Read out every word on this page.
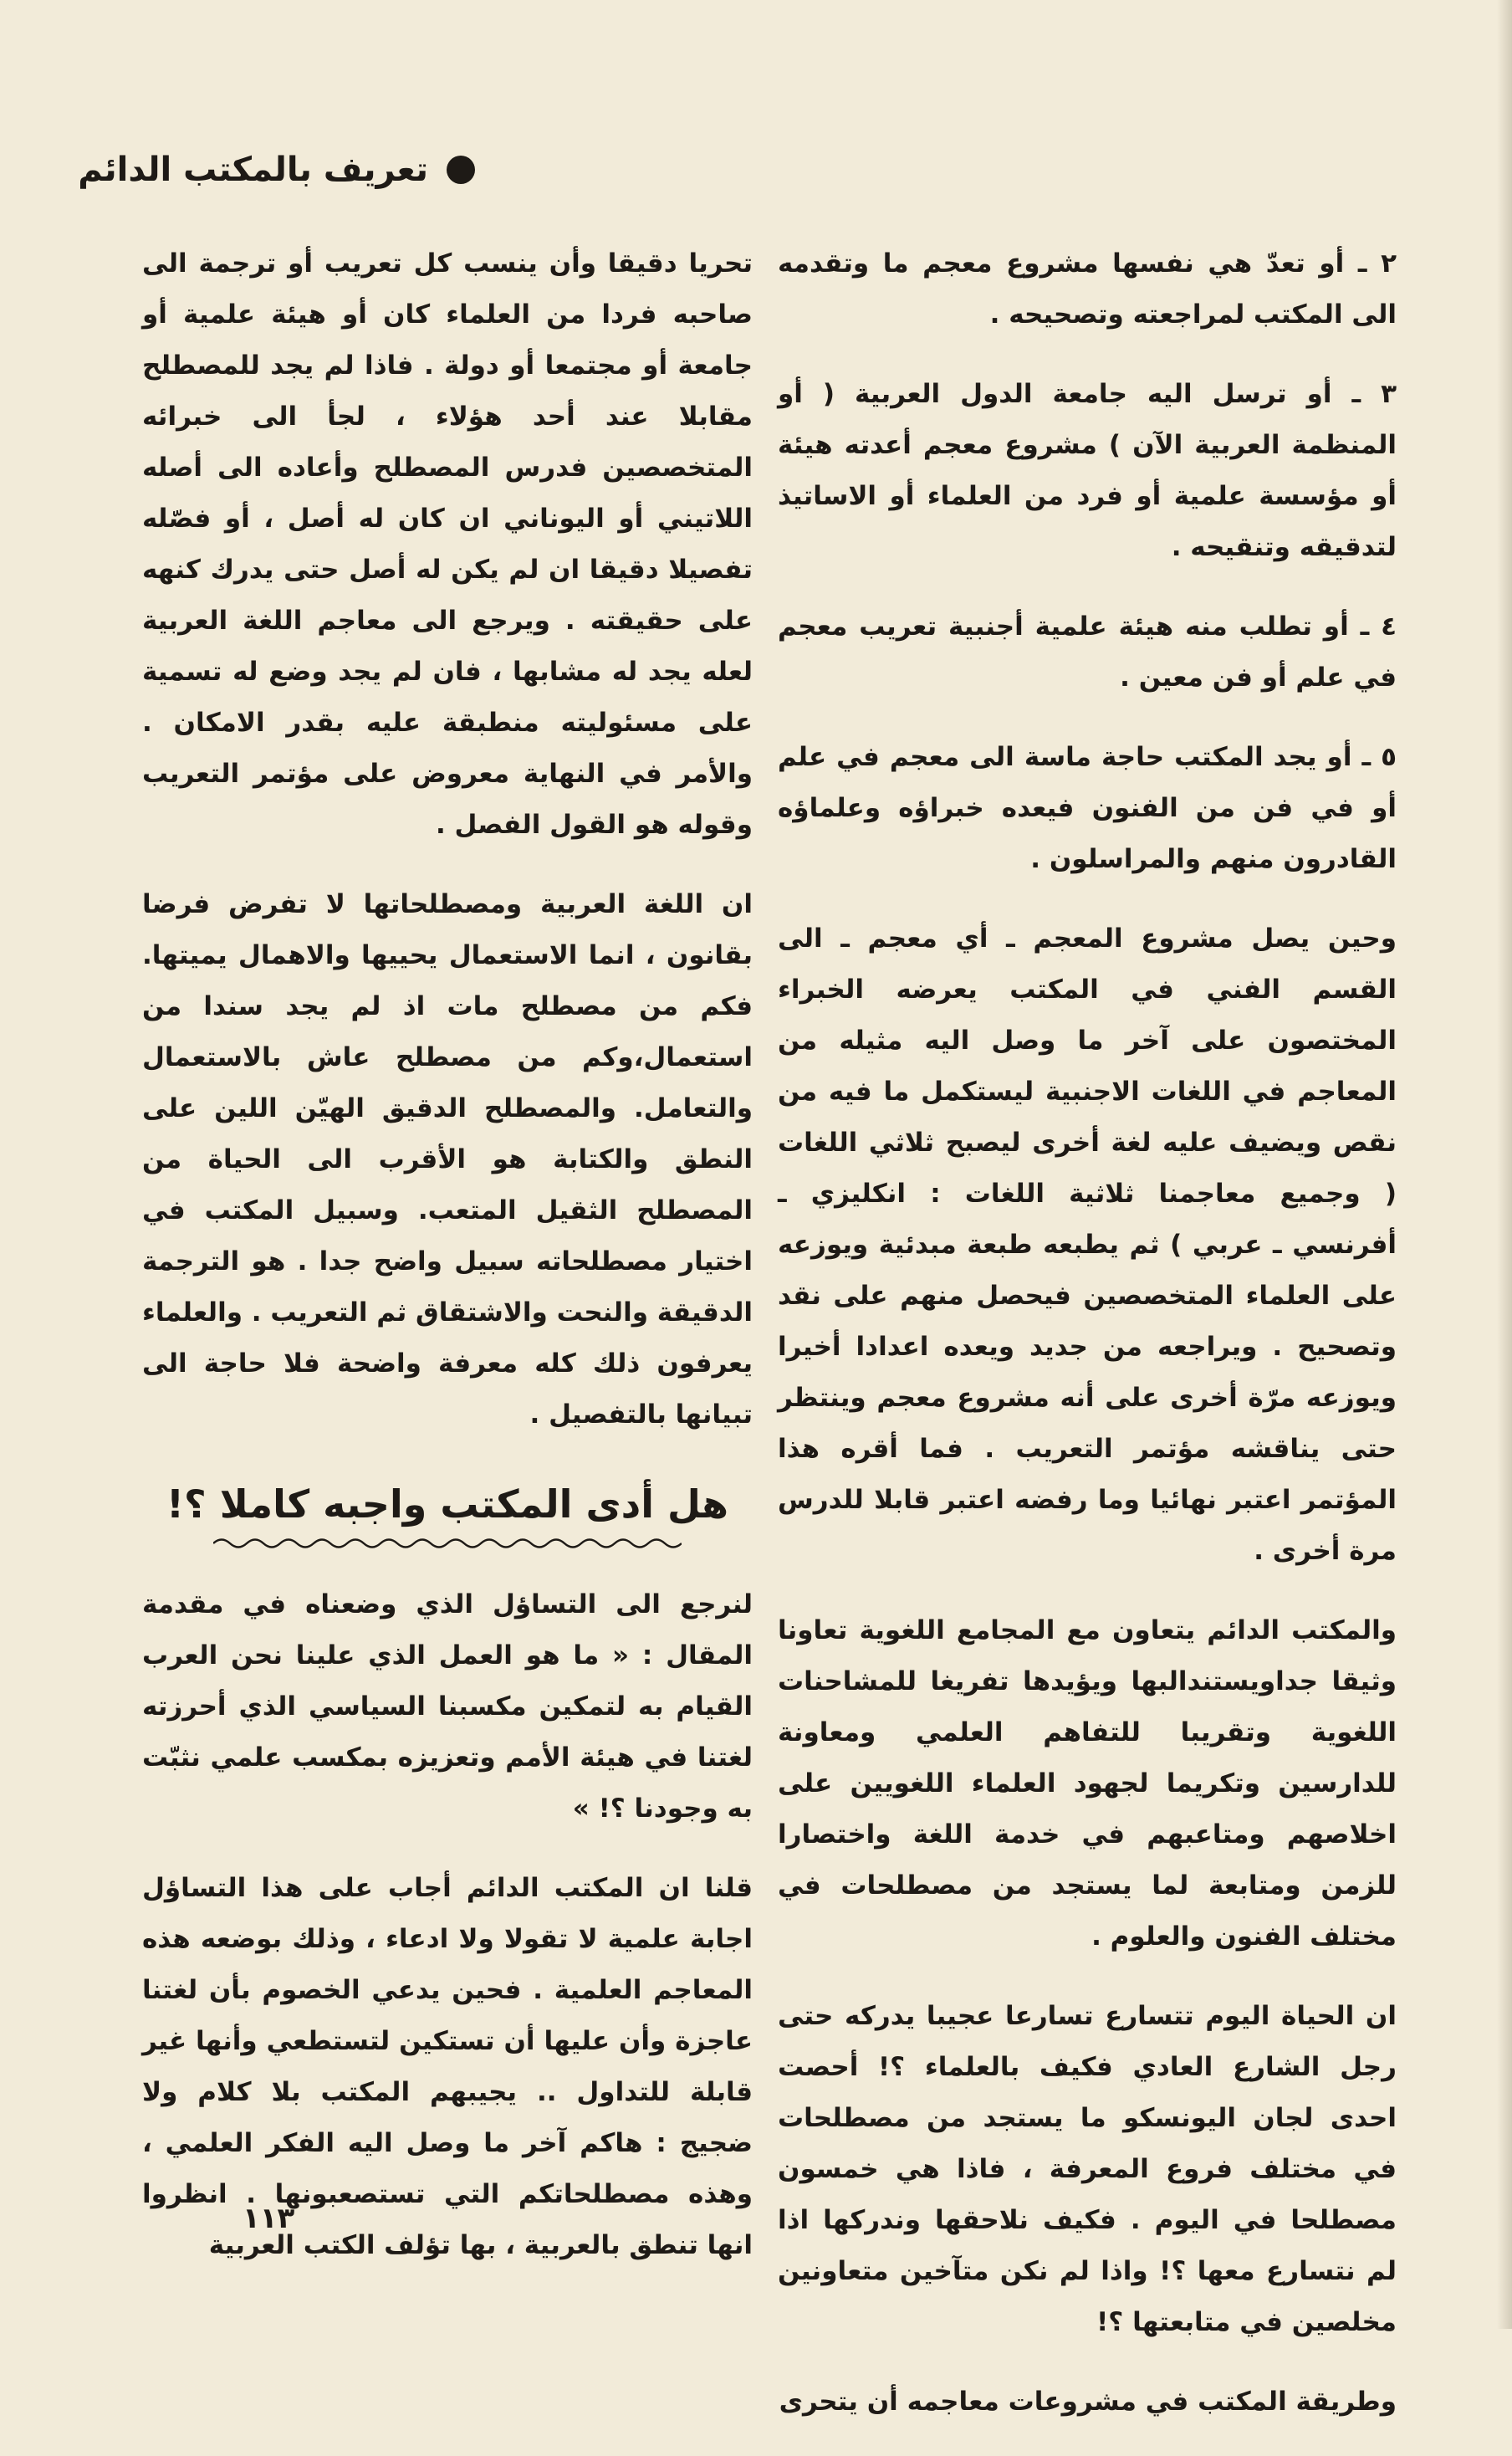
تعريف بالمكتب الدائم

٢ ـ أو تعدّ هي نفسها مشروع معجم ما وتقدمه الى المكتب لمراجعته وتصحيحه .

٣ ـ أو ترسل اليه جامعة الدول العربية ( أو المنظمة العربية الآن ) مشروع معجم أعدته هيئة أو مؤسسة علمية أو فرد من العلماء أو الاساتيذ لتدقيقه وتنقيحه .

٤ ـ أو تطلب منه هيئة علمية أجنبية تعريب معجم في علم أو فن معين .

٥ ـ أو يجد المكتب حاجة ماسة الى معجم في علم أو في فن من الفنون فيعده خبراؤه وعلماؤه القادرون منهم والمراسلون .

وحين يصل مشروع المعجم ـ أي معجم ـ الى القسم الفني في المكتب يعرضه الخبراء المختصون على آخر ما وصل اليه مثيله من المعاجم في اللغات الاجنبية ليستكمل ما فيه من نقص ويضيف عليه لغة أخرى ليصبح ثلاثي اللغات ( وجميع معاجمنا ثلاثية اللغات : انكليزي ـ أفرنسي ـ عربي ) ثم يطبعه طبعة مبدئية ويوزعه على العلماء المتخصصين فيحصل منهم على نقد وتصحيح . ويراجعه من جديد ويعده اعدادا أخيرا ويوزعه مرّة أخرى على أنه مشروع معجم وينتظر حتى يناقشه مؤتمر التعريب . فما أقره هذا المؤتمر اعتبر نهائيا وما رفضه اعتبر قابلا للدرس مرة أخرى .

والمكتب الدائم يتعاون مع المجامع اللغوية تعاونا وثيقا جداويستندالبها ويؤيدها تفريغا للمشاحنات اللغوية وتقريبا للتفاهم العلمي ومعاونة للدارسين وتكريما لجهود العلماء اللغويين على اخلاصهم ومتاعبهم في خدمة اللغة واختصارا للزمن ومتابعة لما يستجد من مصطلحات في مختلف الفنون والعلوم .

ان الحياة اليوم تتسارع تسارعا عجيبا يدركه حتى رجل الشارع العادي فكيف بالعلماء ؟! أحصت احدى لجان اليونسكو ما يستجد من مصطلحات في مختلف فروع المعرفة ، فاذا هي خمسون مصطلحا في اليوم . فكيف نلاحقها وندركها اذا لم نتسارع معها ؟! واذا لم نكن متآخين متعاونين مخلصين في متابعتها ؟!

وطريقة المكتب في مشروعات معاجمه أن يتحرى

تحريا دقيقا وأن ينسب كل تعريب أو ترجمة الى صاحبه فردا من العلماء كان أو هيئة علمية أو جامعة أو مجتمعا أو دولة . فاذا لم يجد للمصطلح مقابلا عند أحد هؤلاء ، لجأ الى خبرائه المتخصصين فدرس المصطلح وأعاده الى أصله اللاتيني أو اليوناني ان كان له أصل ، أو فصّله تفصيلا دقيقا ان لم يكن له أصل حتى يدرك كنهه على حقيقته . ويرجع الى معاجم اللغة العربية لعله يجد له مشابها ، فان لم يجد وضع له تسمية على مسئوليته منطبقة عليه بقدر الامكان . والأمر في النهاية معروض على مؤتمر التعريب وقوله هو القول الفصل .

ان اللغة العربية ومصطلحاتها لا تفرض فرضا بقانون ، انما الاستعمال يحييها والاهمال يميتها. فكم من مصطلح مات اذ لم يجد سندا من استعمال،وكم من مصطلح عاش بالاستعمال والتعامل. والمصطلح الدقيق الهيّن اللين على النطق والكتابة هو الأقرب الى الحياة من المصطلح الثقيل المتعب. وسبيل المكتب في اختيار مصطلحاته سبيل واضح جدا . هو الترجمة الدقيقة والنحت والاشتقاق ثم التعريب . والعلماء يعرفون ذلك كله معرفة واضحة فلا حاجة الى تبيانها بالتفصيل .

هل أدى المكتب واجبه كاملا ؟!

لنرجع الى التساؤل الذي وضعناه في مقدمة المقال : « ما هو العمل الذي علينا نحن العرب القيام به لتمكين مكسبنا السياسي الذي أحرزته لغتنا في هيئة الأمم وتعزيزه بمكسب علمي نثبّت به وجودنا ؟! »

قلنا ان المكتب الدائم أجاب على هذا التساؤل اجابة علمية لا تقولا ولا ادعاء ، وذلك بوضعه هذه المعاجم العلمية . فحين يدعي الخصوم بأن لغتنا عاجزة وأن عليها أن تستكين لتستطعي وأنها غير قابلة للتداول .. يجيبهم المكتب بلا كلام ولا ضجيج : هاكم آخر ما وصل اليه الفكر العلمي ، وهذه مصطلحاتكم التي تستصعبونها . انظروا انها تنطق بالعربية ، بها تؤلف الكتب العربية

١١٣
